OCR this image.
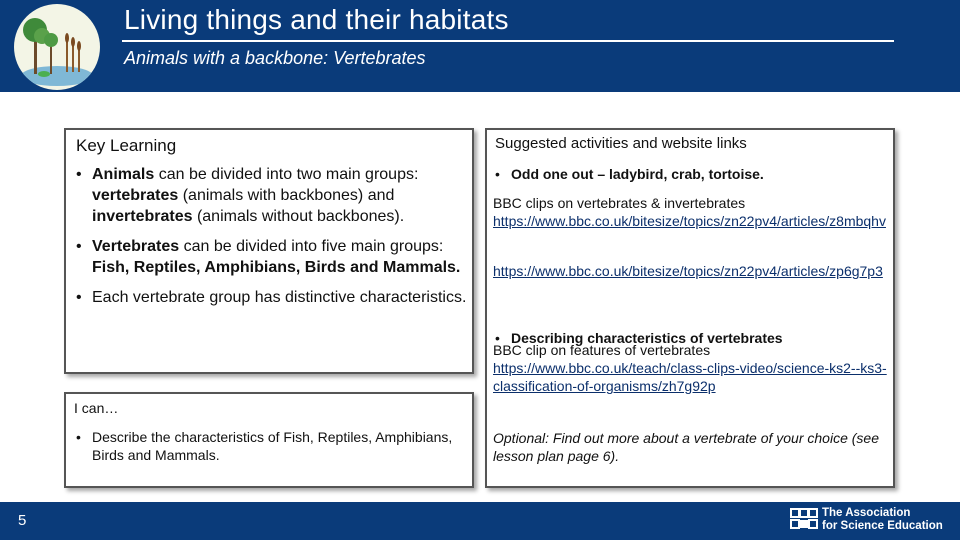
Living things and their habitats
Animals with a backbone: Vertebrates
Key Learning
• Animals can be divided into two main groups: vertebrates (animals with backbones) and invertebrates (animals without backbones).
• Vertebrates can be divided into five main groups: Fish, Reptiles, Amphibians, Birds and Mammals.
• Each vertebrate group has distinctive characteristics.
I can…
• Describe the characteristics of Fish, Reptiles, Amphibians, Birds and Mammals.
Suggested activities and website links
• Odd one out – ladybird, crab, tortoise.
BBC clips on vertebrates & invertebrates
https://www.bbc.co.uk/bitesize/topics/zn22pv4/articles/z8mbqhv
https://www.bbc.co.uk/bitesize/topics/zn22pv4/articles/zp6g7p3
• Describing characteristics of vertebrates
BBC clip on features of vertebrates
https://www.bbc.co.uk/teach/class-clips-video/science-ks2--ks3-classification-of-organisms/zh7g92p
Optional: Find out more about a vertebrate of your choice (see lesson plan page 6).
5	The Association
for Science Education
